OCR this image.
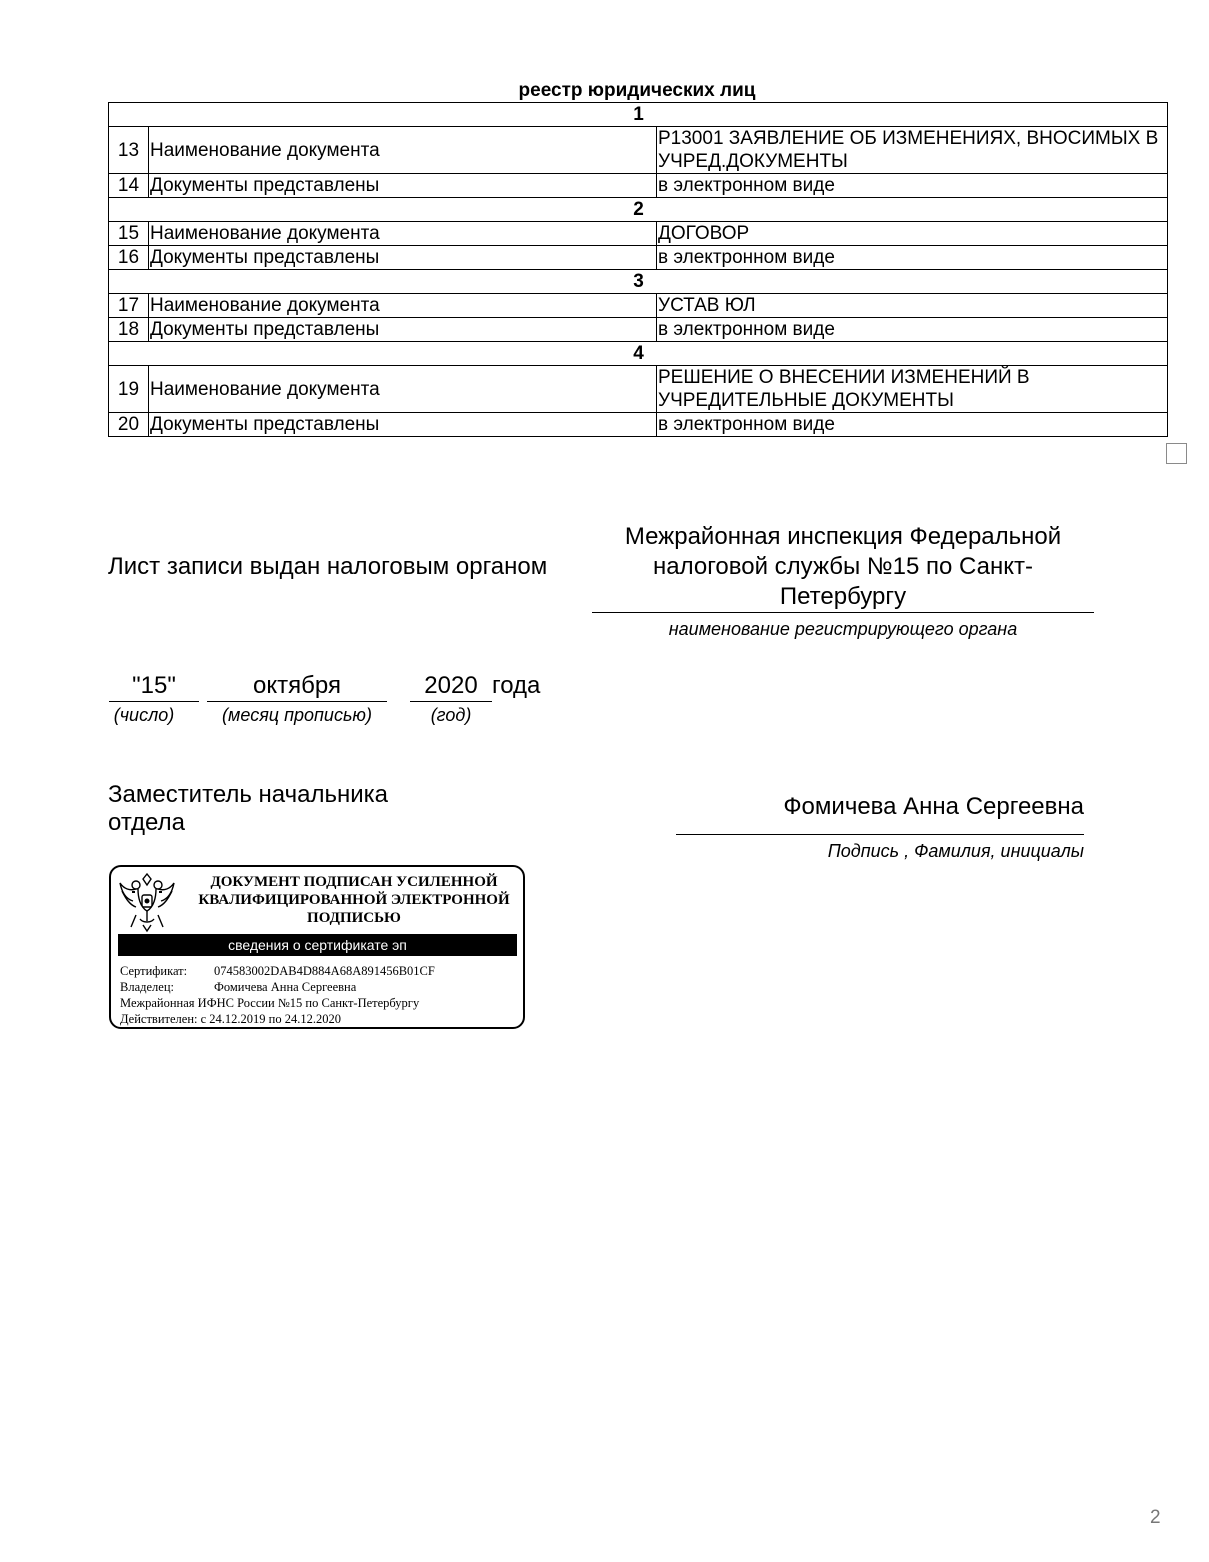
реестр юридических лиц
1		
13	Наименование документа	Р13001 ЗАЯВЛЕНИЕ ОБ ИЗМЕНЕНИЯХ, ВНОСИМЫХ В УЧРЕД.ДОКУМЕНТЫ
14	Документы представлены	в электронном виде
2		
15	Наименование документа	ДОГОВОР
16	Документы представлены	в электронном виде
3		
17	Наименование документа	УСТАВ ЮЛ
18	Документы представлены	в электронном виде
4		
19	Наименование документа	РЕШЕНИЕ О ВНЕСЕНИИ ИЗМЕНЕНИЙ В УЧРЕДИТЕЛЬНЫЕ ДОКУМЕНТЫ
20	Документы представлены	в электронном виде
Лист записи выдан налоговым органом
Межрайонная инспекция Федеральной налоговой службы №15 по Санкт-Петербургу
наименование регистрирующего органа
"15"
(число)
октября
(месяц прописью)
2020
(год)
года
Заместитель начальника отдела
Фомичева Анна Сергеевна
Подпись , Фамилия, инициалы
ДОКУМЕНТ ПОДПИСАН УСИЛЕННОЙ КВАЛИФИЦИРОВАННОЙ ЭЛЕКТРОННОЙ ПОДПИСЬЮ
сведения о сертификате эп
Сертификат: 074583002DAB4D884A68A891456B01CF
Владелец:	Фомичева Анна Сергеевна
Межрайонная ИФНС России №15 по Санкт-Петербургу
Действителен: с 24.12.2019 по 24.12.2020
2
